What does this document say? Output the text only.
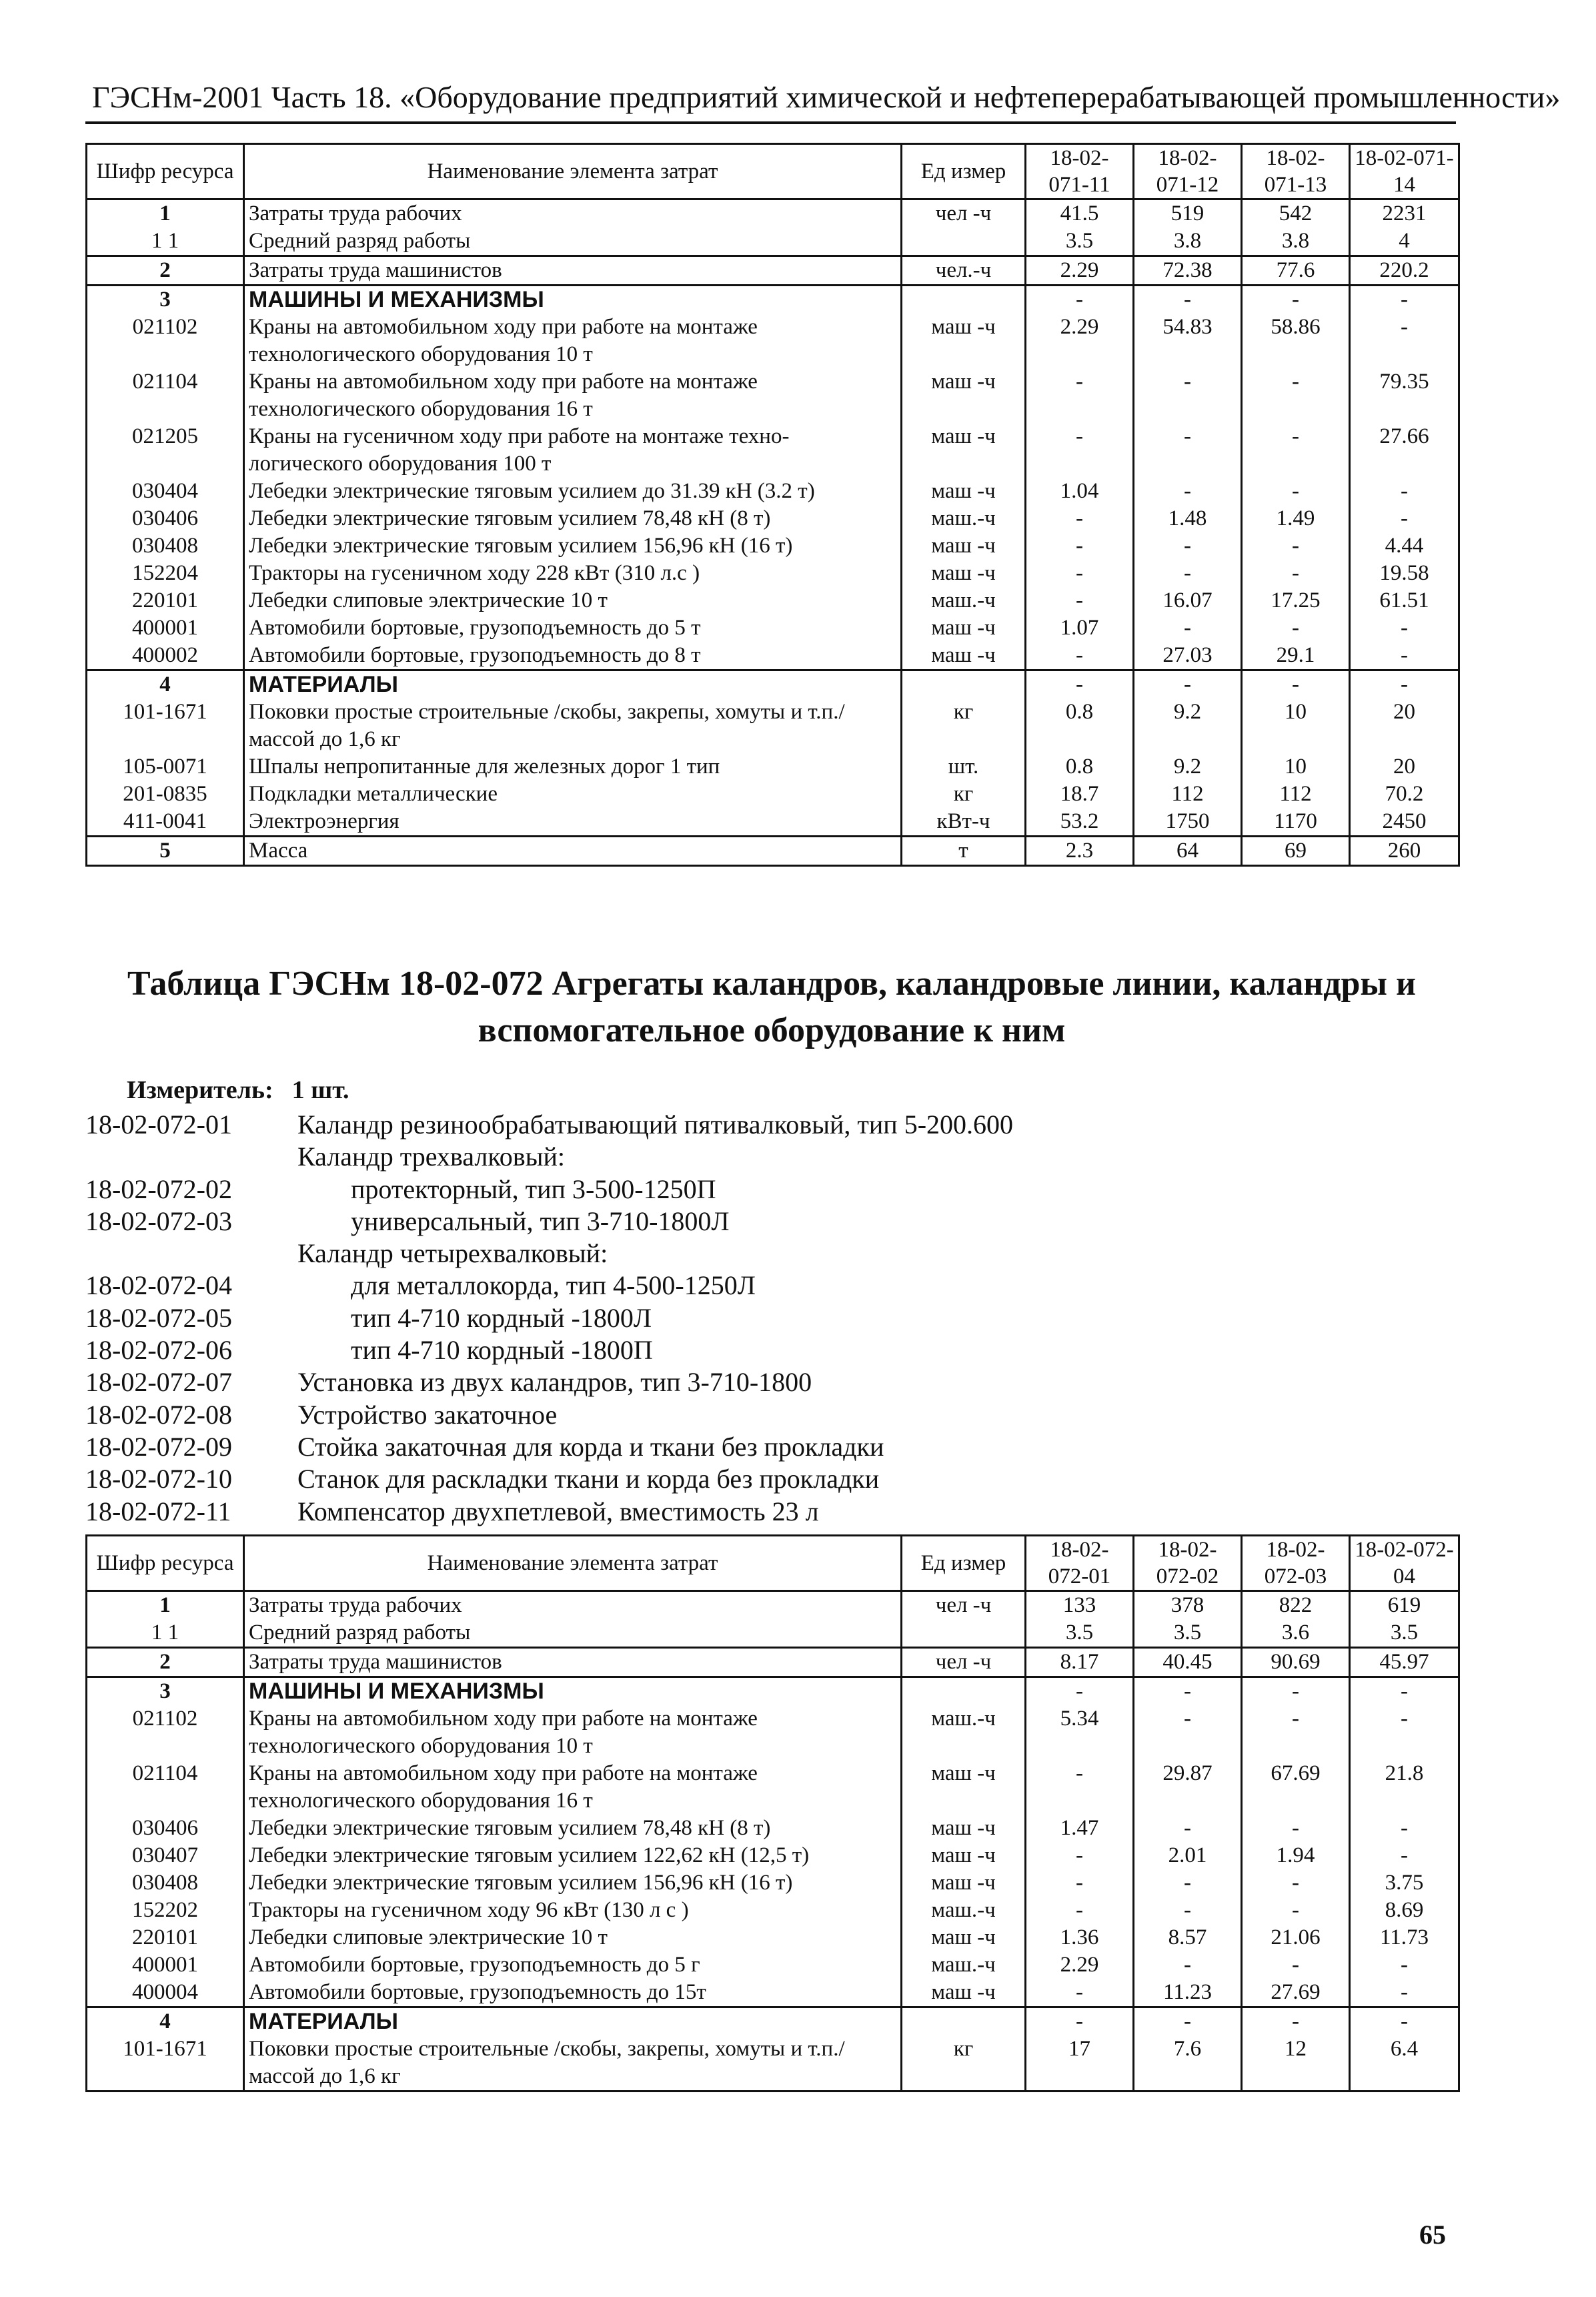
ГЭСНм-2001 Часть 18. «Оборудование предприятий химической и нефтеперерабатывающей промышленности»
Шифр ресурса	Наименование элемента затрат	Ед измер	18-02-071-11	18-02-071-12	18-02-071-13	18-02-071-14
1	Затраты труда рабочих	чел -ч	41.5	519	542	2231
1 1	Средний разряд работы		3.5	3.8	3.8	4
2	Затраты труда машинистов	чел.-ч	2.29	72.38	77.6	220.2
3	МАШИНЫ И МЕХАНИЗМЫ		-	-	-	-
021102	Краны на автомобильном ходу при работе на монтаже технологического оборудования 10 т	маш -ч	2.29	54.83	58.86	-
021104	Краны на автомобильном ходу при работе на монтаже технологического оборудования 16 т	маш -ч	-	-	-	79.35
021205	Краны на гусеничном ходу при работе на монтаже техно-логического оборудования 100 т	маш -ч	-	-	-	27.66
030404	Лебедки электрические тяговым усилием до 31.39 кН (3.2 т)	маш -ч	1.04	-	-	-
030406	Лебедки электрические тяговым усилием 78,48 кН (8 т)	маш.-ч	-	1.48	1.49	-
030408	Лебедки электрические тяговым усилием 156,96 кН (16 т)	маш -ч	-	-	-	4.44
152204	Тракторы на гусеничном ходу 228 кВт (310 л.с )	маш -ч	-	-	-	19.58
220101	Лебедки слиповые электрические 10 т	маш.-ч	-	16.07	17.25	61.51
400001	Автомобили бортовые, грузоподъемность до 5 т	маш -ч	1.07	-	-	-
400002	Автомобили бортовые, грузоподъемность до 8 т	маш -ч	-	27.03	29.1	-
4	МАТЕРИАЛЫ		-	-	-	-
101-1671	Поковки простые строительные /скобы, закрепы, хомуты и т.п./ массой до 1,6 кг	кг	0.8	9.2	10	20
105-0071	Шпалы непропитанные для железных дорог 1 тип	шт.	0.8	9.2	10	20
201-0835	Подкладки металлические	кг	18.7	112	112	70.2
411-0041	Электроэнергия	кВт-ч	53.2	1750	1170	2450
5	Масса	т	2.3	64	69	260
Таблица ГЭСНм 18-02-072 Агрегаты каландров, каландровые линии, каландры и вспомогательное оборудование к ним
Измеритель: 1 шт.
18-02-072-01 Каландр резинообрабатывающий пятивалковый, тип 5-200.600
Каландр трехвалковый:
18-02-072-02	протекторный, тип 3-500-1250П
18-02-072-03	универсальный, тип 3-710-1800Л
Каландр четырехвалковый:
18-02-072-04	для металлокорда, тип 4-500-1250Л
18-02-072-05	тип 4-710 кордный -1800Л
18-02-072-06	тип 4-710 кордный -1800П
18-02-072-07 Установка из двух каландров, тип 3-710-1800
18-02-072-08 Устройство закаточное
18-02-072-09 Стойка закаточная для корда и ткани без прокладки
18-02-072-10 Станок для раскладки ткани и корда без прокладки
18-02-072-11 Компенсатор двухпетлевой, вместимость 23 л
Шифр ресурса	Наименование элемента затрат	Ед измер	18-02-072-01	18-02-072-02	18-02-072-03	18-02-072-04
1	Затраты труда рабочих	чел -ч	133	378	822	619
1 1	Средний разряд работы		3.5	3.5	3.6	3.5
2	Затраты труда машинистов	чел -ч	8.17	40.45	90.69	45.97
3	МАШИНЫ И МЕХАНИЗМЫ		-	-	-	-
021102	Краны на автомобильном ходу при работе на монтаже технологического оборудования 10 т	маш.-ч	5.34	-	-	-
021104	Краны на автомобильном ходу при работе на монтаже технологического оборудования 16 т	маш -ч	-	29.87	67.69	21.8
030406	Лебедки электрические тяговым усилием 78,48 кН (8 т)	маш -ч	1.47	-	-	-
030407	Лебедки электрические тяговым усилием 122,62 кН (12,5 т)	маш -ч	-	2.01	1.94	-
030408	Лебедки электрические тяговым усилием 156,96 кН (16 т)	маш -ч	-	-	-	3.75
152202	Тракторы на гусеничном ходу 96 кВт (130 л с )	маш.-ч	-	-	-	8.69
220101	Лебедки слиповые электрические 10 т	маш -ч	1.36	8.57	21.06	11.73
400001	Автомобили бортовые, грузоподъемность до 5 г	маш.-ч	2.29	-	-	-
400004	Автомобили бортовые, грузоподъемность до 15т	маш -ч	-	11.23	27.69	-
4	МАТЕРИАЛЫ		-	-	-	-
101-1671	Поковки простые строительные /скобы, закрепы, хомуты и т.п./ массой до 1,6 кг	кг	17	7.6	12	6.4
65
